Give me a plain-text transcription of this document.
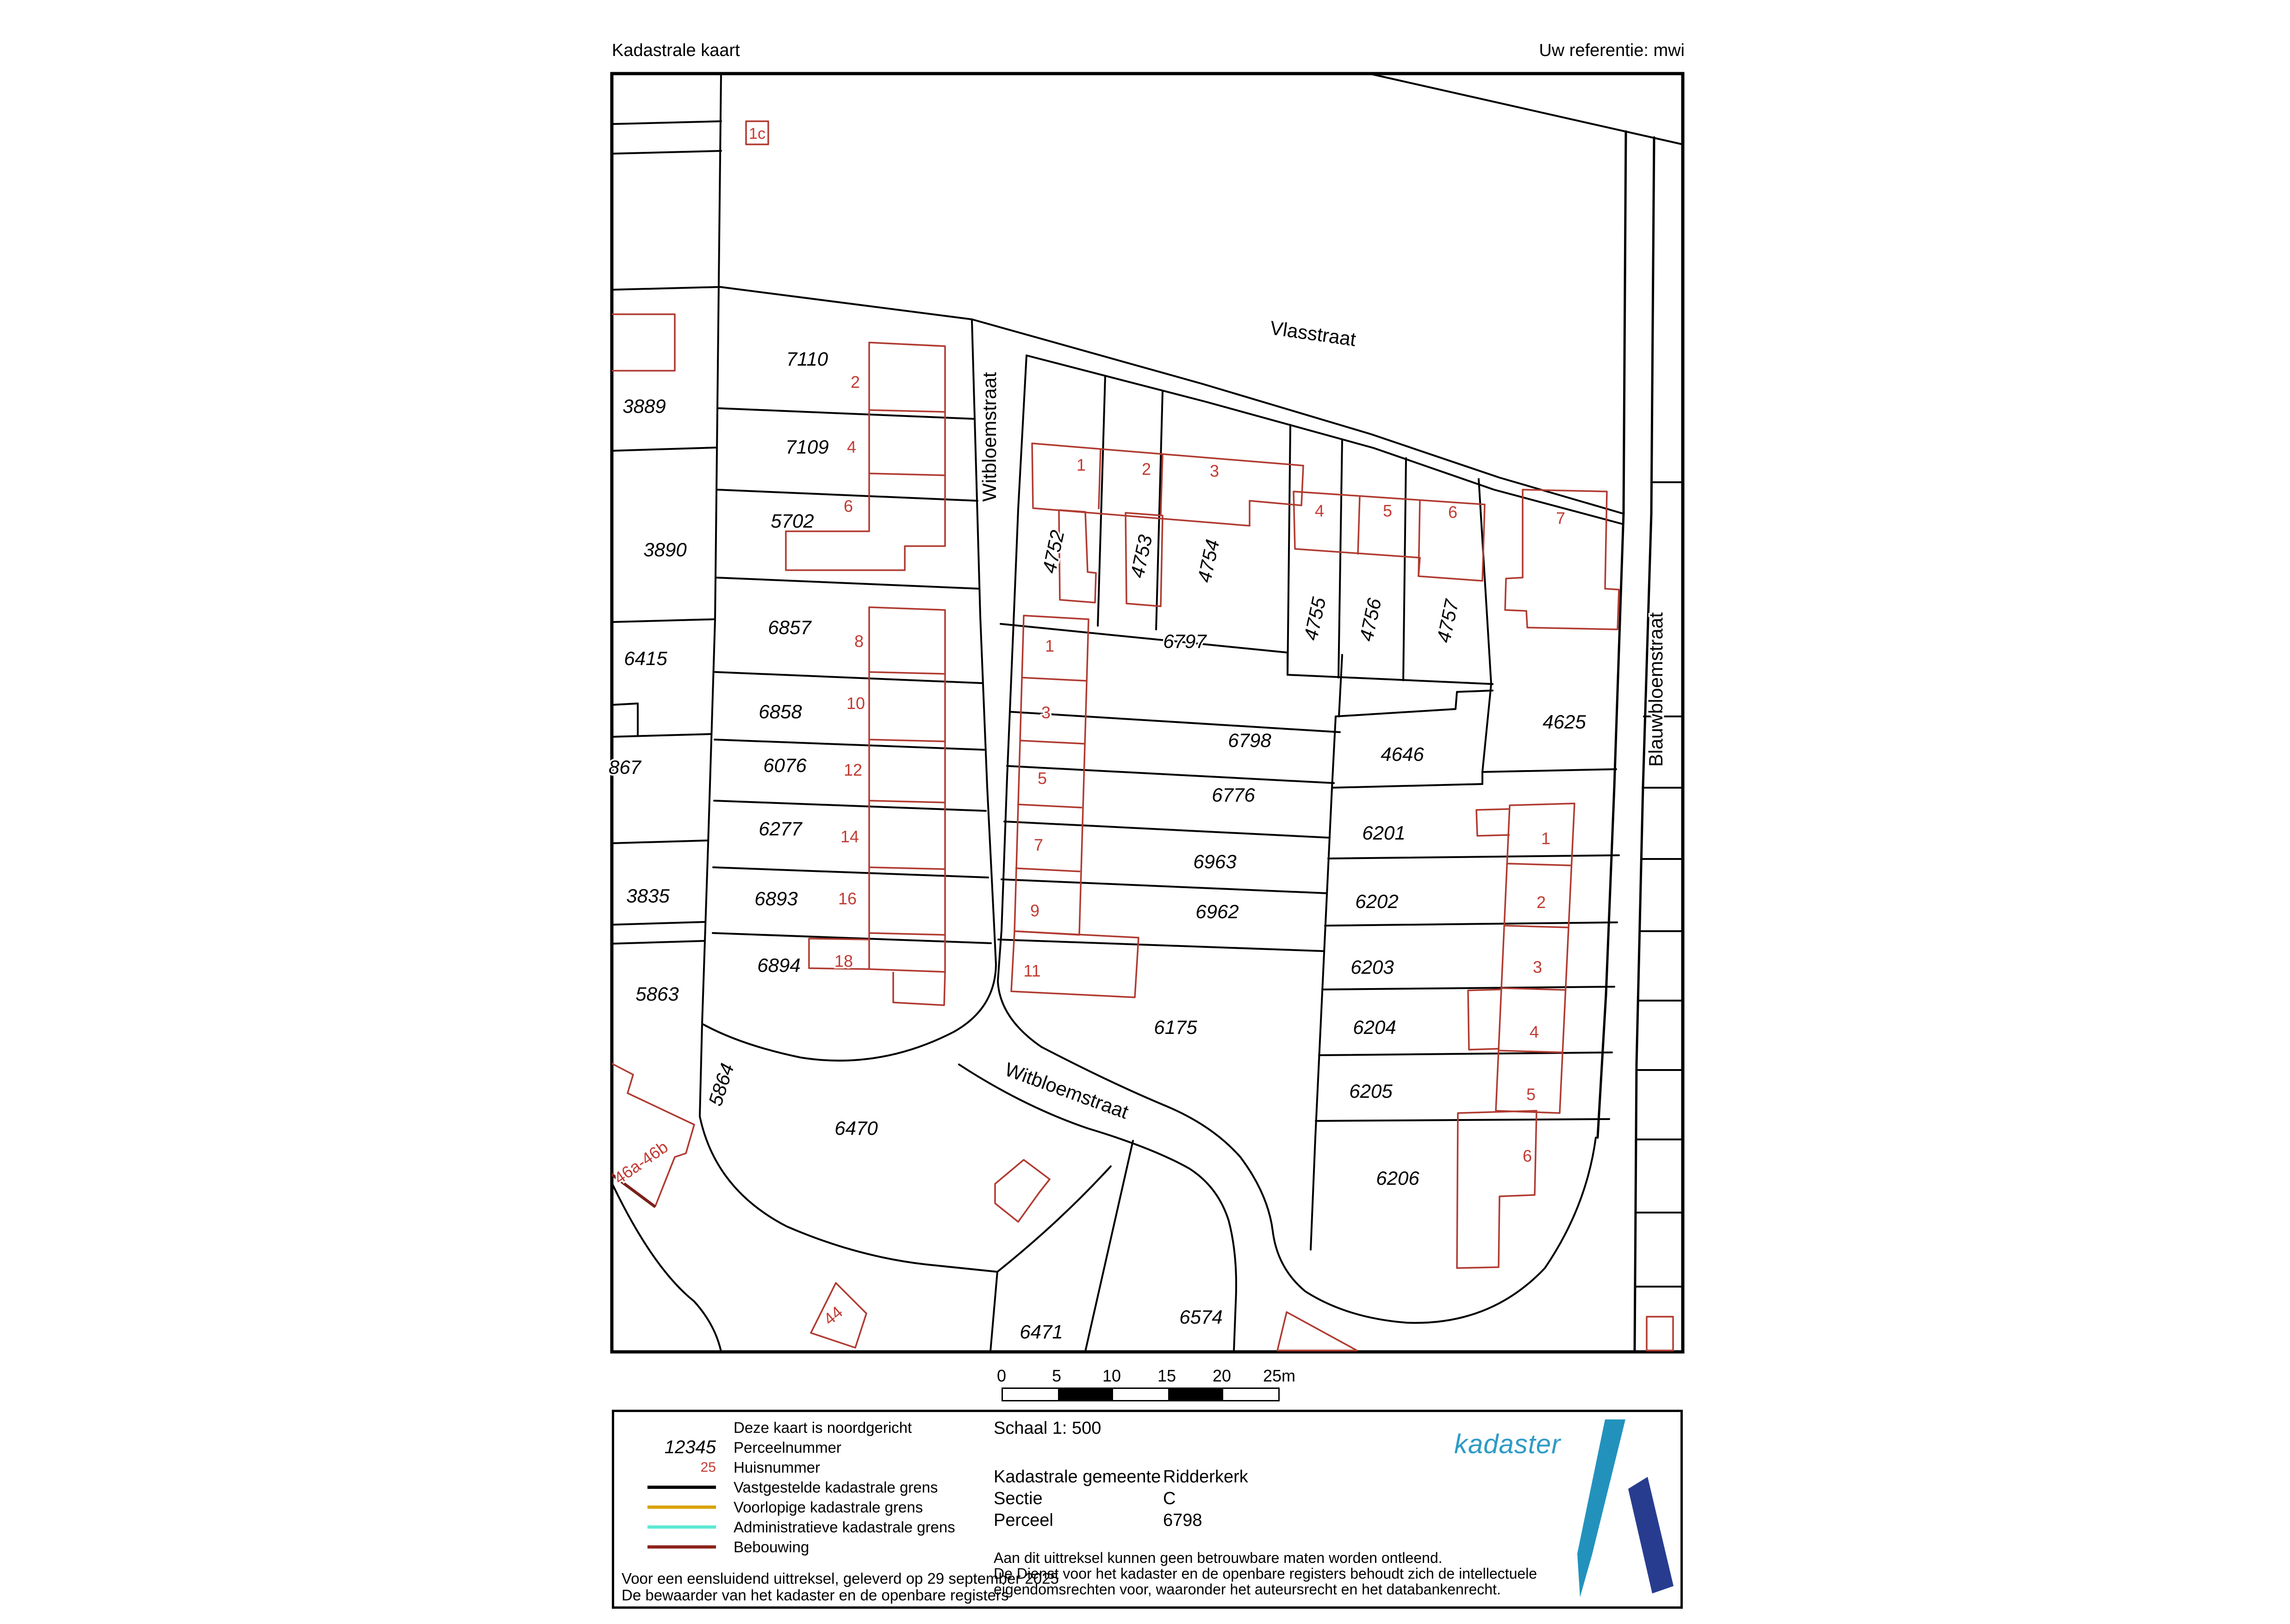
Kadastrale kaart	Uw referentie: mwi
Vlasstraat
Witbloemstraat
Witbloemstraat
Blauwbloemstraat
3889
3890
6415
867
3835
5863
5864
6470
7110
7109
5702
6857
6858
6076
6277
6893
6894
4752	4753 4754
4755 4756 4757
6797
6798
6776
6963
6962
4646
4625
6201
6202
6203
6204
6205
6206
6175
6471
6574
2
4
6
8
10
12
14
16
18
1	2	3
4	5	6	7
1
3
5
7
9
11
1
2
3
4
5
6
44
46a-46b
1c
0	5 10 15 20 25m
Deze kaart is noordgericht
12345 Perceelnummer
25 Huisnummer
Vastgestelde kadastrale grens
Voorlopige kadastrale grens
Administratieve kadastrale grens
Bebouwing
Voor een eensluidend uittreksel, geleverd op 29 september 2025
De bewaarder van het kadaster en de openbare registers
Schaal 1: 500
Kadastrale gemeente Ridderkerk
Sectie	C
Perceel	6798
Aan dit uittreksel kunnen geen betrouwbare maten worden ontleend.
De Dienst voor het kadaster en de openbare registers behoudt zich de intellectuele
eigendomsrechten voor, waaronder het auteursrecht en het databankenrecht.
kadaster
